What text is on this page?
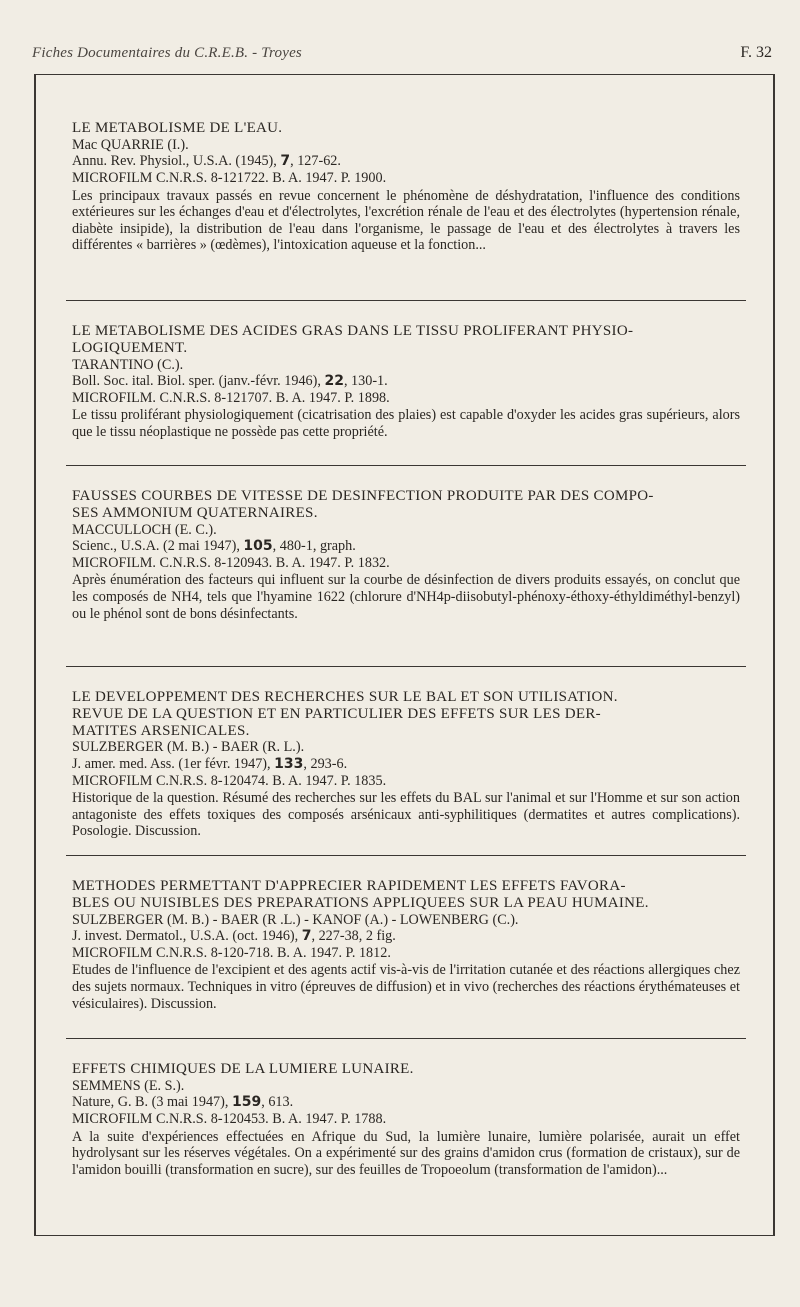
Fiches Documentaires du C.R.E.B. - Troyes	F. 32
LE METABOLISME DE L'EAU.
Mac QUARRIE (I.).
Annu. Rev. Physiol., U.S.A. (1945), 7, 127-62.
MICROFILM C.N.R.S. 8-121722. B. A. 1947. P. 1900.
Les principaux travaux passés en revue concernent le phénomène de déshydratation, l'influence des conditions extérieures sur les échanges d'eau et d'électrolytes, l'excrétion rénale de l'eau et des électrolytes (hypertension rénale, diabète insipide), la distribution de l'eau dans l'organisme, le passage de l'eau et des électrolytes à travers les différentes « barrières » (œdèmes), l'intoxication aqueuse et la fonction...
LE METABOLISME DES ACIDES GRAS DANS LE TISSU PROLIFERANT PHYSIO-
LOGIQUEMENT.
TARANTINO (C.).
Boll. Soc. ital. Biol. sper. (janv.-févr. 1946), 22, 130-1.
MICROFILM. C.N.R.S. 8-121707. B. A. 1947. P. 1898.
Le tissu proliférant physiologiquement (cicatrisation des plaies) est capable d'oxyder les acides gras supérieurs, alors que le tissu néoplastique ne possède pas cette propriété.
FAUSSES COURBES DE VITESSE DE DESINFECTION PRODUITE PAR DES COMPO-
SES AMMONIUM QUATERNAIRES.
MACCULLOCH (E. C.).
Scienc., U.S.A. (2 mai 1947), 105, 480-1, graph.
MICROFILM. C.N.R.S. 8-120943. B. A. 1947. P. 1832.
Après énumération des facteurs qui influent sur la courbe de désinfection de divers produits essayés, on conclut que les composés de NH4, tels que l'hyamine 1622 (chlorure d'NH4p-diisobutyl-phénoxy-éthoxy-éthyldiméthyl-benzyl) ou le phénol sont de bons désinfectants.
LE DEVELOPPEMENT DES RECHERCHES SUR LE BAL ET SON UTILISATION.
REVUE DE LA QUESTION ET EN PARTICULIER DES EFFETS SUR LES DER-
MATITES ARSENICALES.
SULZBERGER (M. B.) - BAER (R. L.).
J. amer. med. Ass. (1er févr. 1947), 133, 293-6.
MICROFILM C.N.R.S. 8-120474. B. A. 1947. P. 1835.
Historique de la question. Résumé des recherches sur les effets du BAL sur l'animal et sur l'Homme et sur son action antagoniste des effets toxiques des composés arsénicaux anti-syphilitiques (dermatites et autres complications). Posologie. Discussion.
METHODES PERMETTANT D'APPRECIER RAPIDEMENT LES EFFETS FAVORA-
BLES OU NUISIBLES DES PREPARATIONS APPLIQUEES SUR LA PEAU HUMAINE.
SULZBERGER (M. B.) - BAER (R .L.) - KANOF (A.) - LOWENBERG (C.).
J. invest. Dermatol., U.S.A. (oct. 1946), 7, 227-38, 2 fig.
MICROFILM C.N.R.S. 8-120-718. B. A. 1947. P. 1812.
Etudes de l'influence de l'excipient et des agents actif vis-à-vis de l'irritation cutanée et des réactions allergiques chez des sujets normaux. Techniques in vitro (épreuves de diffusion) et in vivo (recherches des réactions érythémateuses et vésiculaires). Discussion.
EFFETS CHIMIQUES DE LA LUMIERE LUNAIRE.
SEMMENS (E. S.).
Nature, G. B. (3 mai 1947), 159, 613.
MICROFILM C.N.R.S. 8-120453. B. A. 1947. P. 1788.
A la suite d'expériences effectuées en Afrique du Sud, la lumière lunaire, lumière polarisée, aurait un effet hydrolysant sur les réserves végétales. On a expérimenté sur des grains d'amidon crus (formation de cristaux), sur de l'amidon bouilli (transformation en sucre), sur des feuilles de Tropoeolum (transformation de l'amidon)...
